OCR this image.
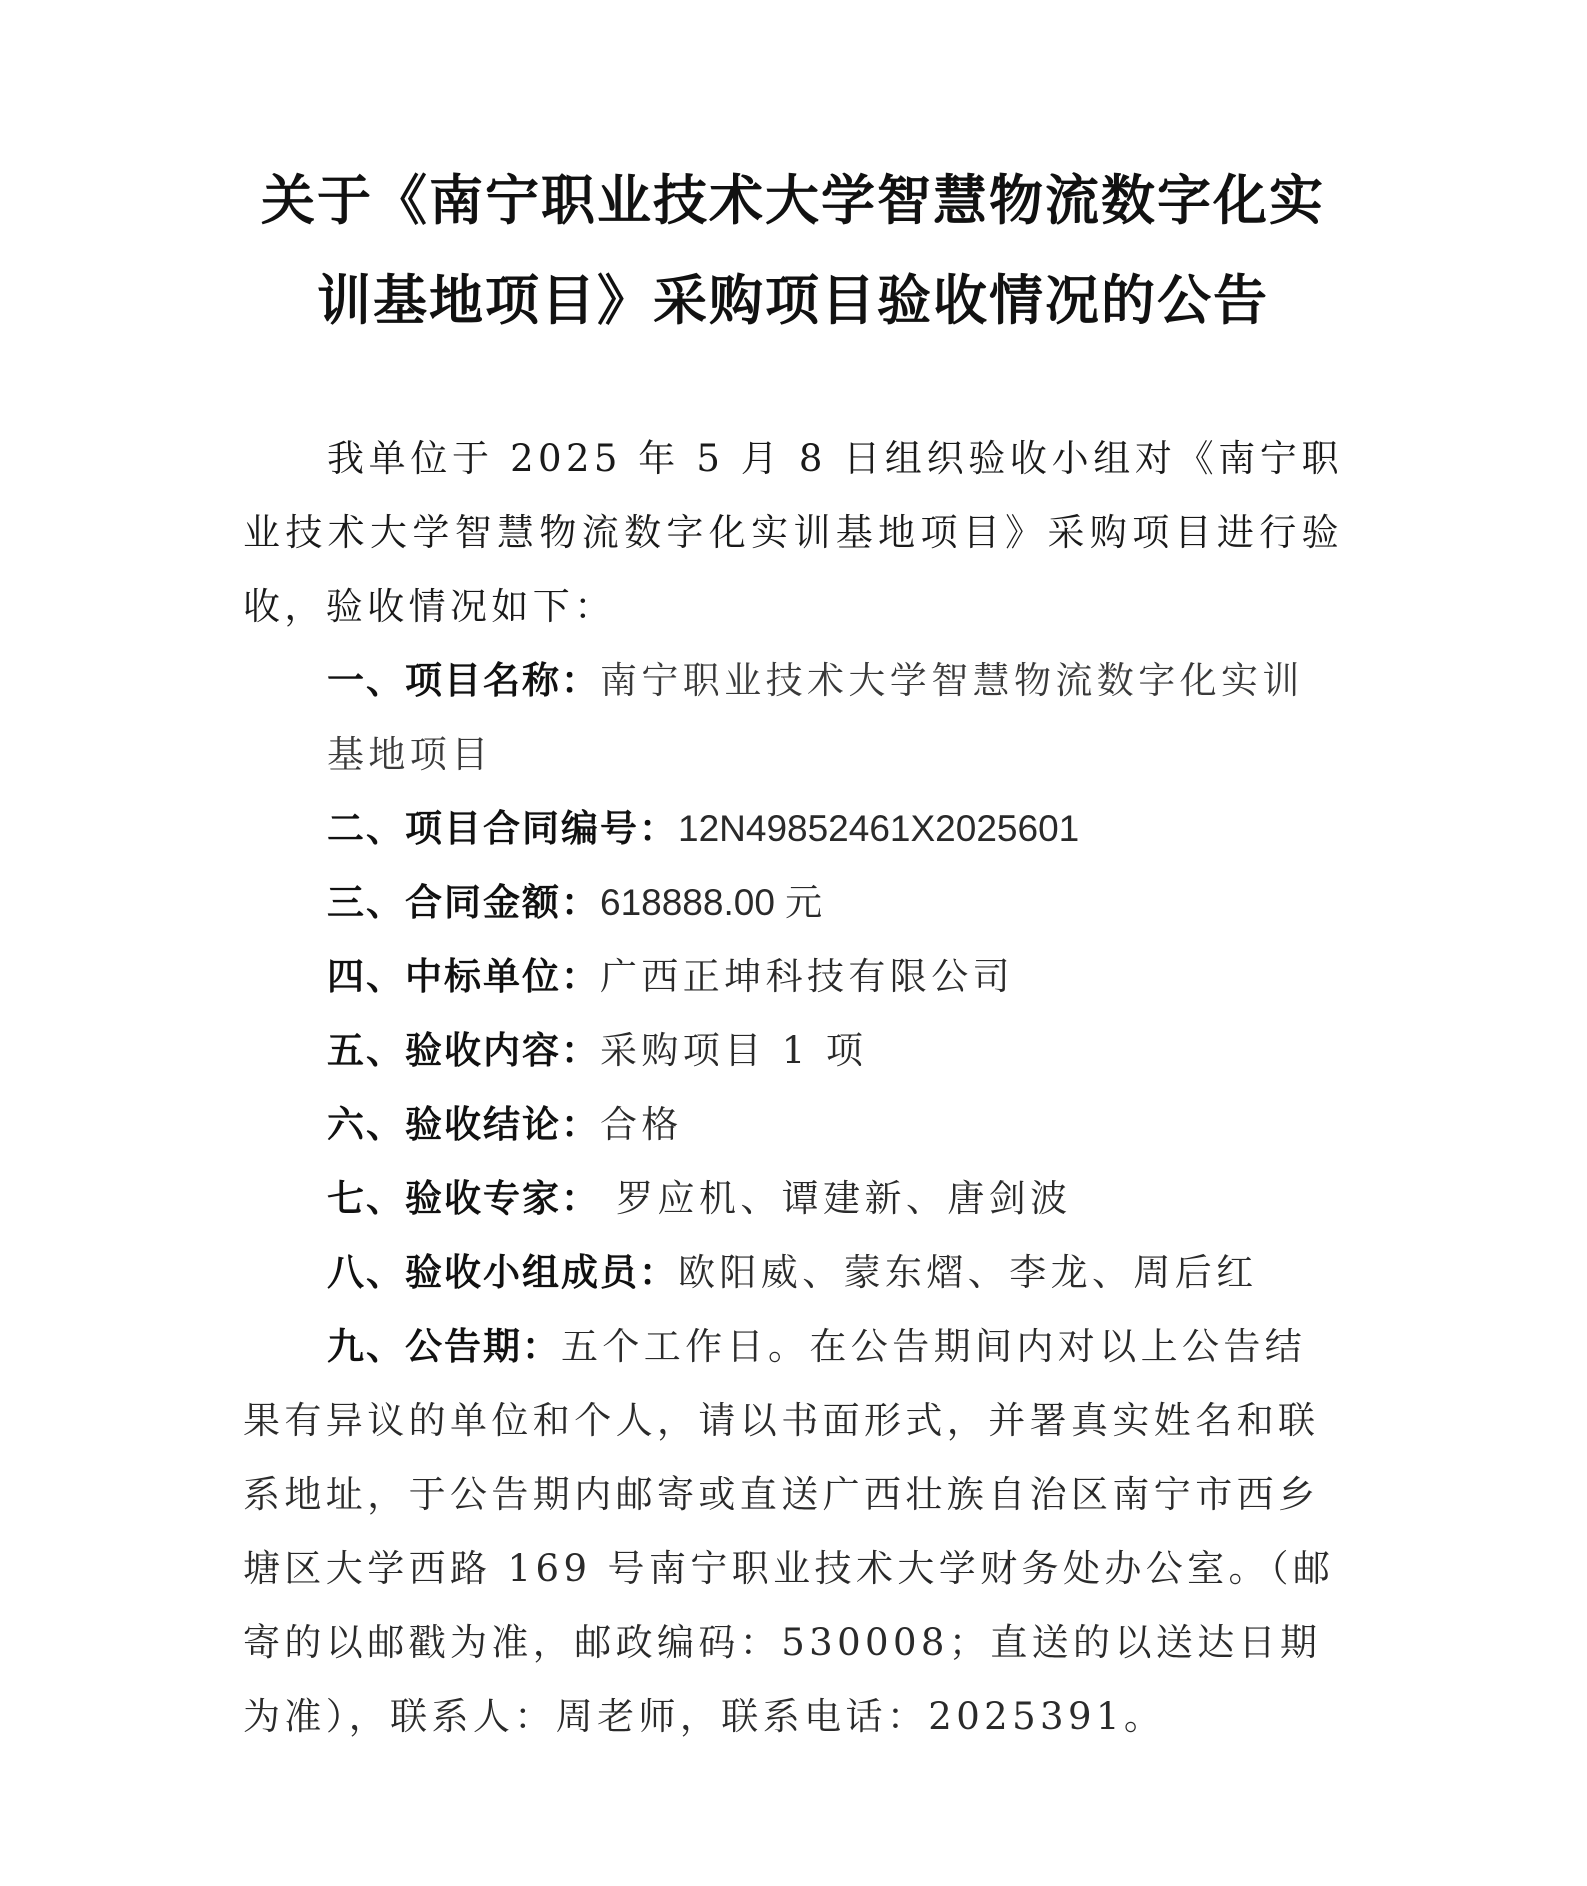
关于《南宁职业技术大学智慧物流数字化实
训基地项目》采购项目验收情况的公告

我单位于 2025 年 5 月 8 日组织验收小组对《南宁职业技术大学智慧物流数字化实训基地项目》采购项目进行验收，验收情况如下：

一、项目名称：南宁职业技术大学智慧物流数字化实训基地项目

二、项目合同编号：12N49852461X2025601

三、合同金额：618888.00 元

四、中标单位：广西正坤科技有限公司

五、验收内容：采购项目 1 项

六、验收结论：合格

七、验收专家： 罗应机、谭建新、唐剑波

八、验收小组成员：欧阳威、蒙东熠、李龙、周后红

九、公告期：五个工作日。在公告期间内对以上公告结果有异议的单位和个人，请以书面形式，并署真实姓名和联系地址，于公告期内邮寄或直送广西壮族自治区南宁市西乡塘区大学西路 169 号南宁职业技术大学财务处办公室。（邮寄的以邮戳为准，邮政编码：530008；直送的以送达日期为准），联系人：周老师，联系电话：2025391。
